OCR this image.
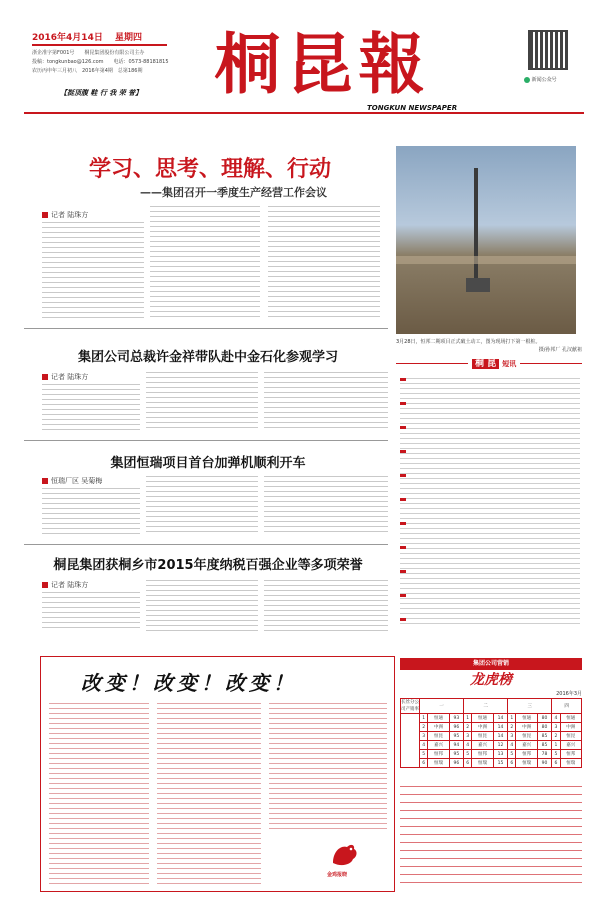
2016年4月14日　 星期四
浙企准字第F001号　　桐昆集团股份有限公司主办
投稿：tongkunbao@126.com　　电话：0573-88181815
农历丙申年三月初八　2016年第4期　总第186期	桐昆報	新闻公众号
【挺顶腹 鞋 行 我 荣 誉】
TONGKUN NEWSPAPER
学习、思考、理解、行动
——集团召开一季度生产经营工作会议
记者 陆珠方
3月28日，恒邦二期项目正式破土动工，图为现场打下第一根桩。
摄/孙邦厂 孔汉献祖
集团公司总裁许金祥带队赴中金石化参观学习
记者 陆珠方
集团恒瑞项目首台加弹机顺利开车
恒瑞厂区 吴菊梅
桐昆集团获桐乡市2015年度纳税百强企业等多项荣誉
记者 陆珠方
桐 昆 短讯
改变！改变！改变！
金鸡报晓
集团公司营销
龙虎榜
2016年3月
长丝分公司产销率	一			二			三			四	
	1	恒通	93	1	恒通	14	1	恒通	80	4	恒通
	2	中洲	96	2	中洲	14	2	中洲	80	3	中洲
	3	恒昆	95	3	恒昆	14	3	恒昆	85	2	恒昆
	4	嘉兴	94	4	嘉兴	12	4	嘉兴	85	1	嘉兴
	5	恒邦	95	5	恒邦	13	5	恒邦	78	5	恒邦
	6	恒瑞	96	6	恒瑞	15	6	恒瑞	90	6	恒瑞
